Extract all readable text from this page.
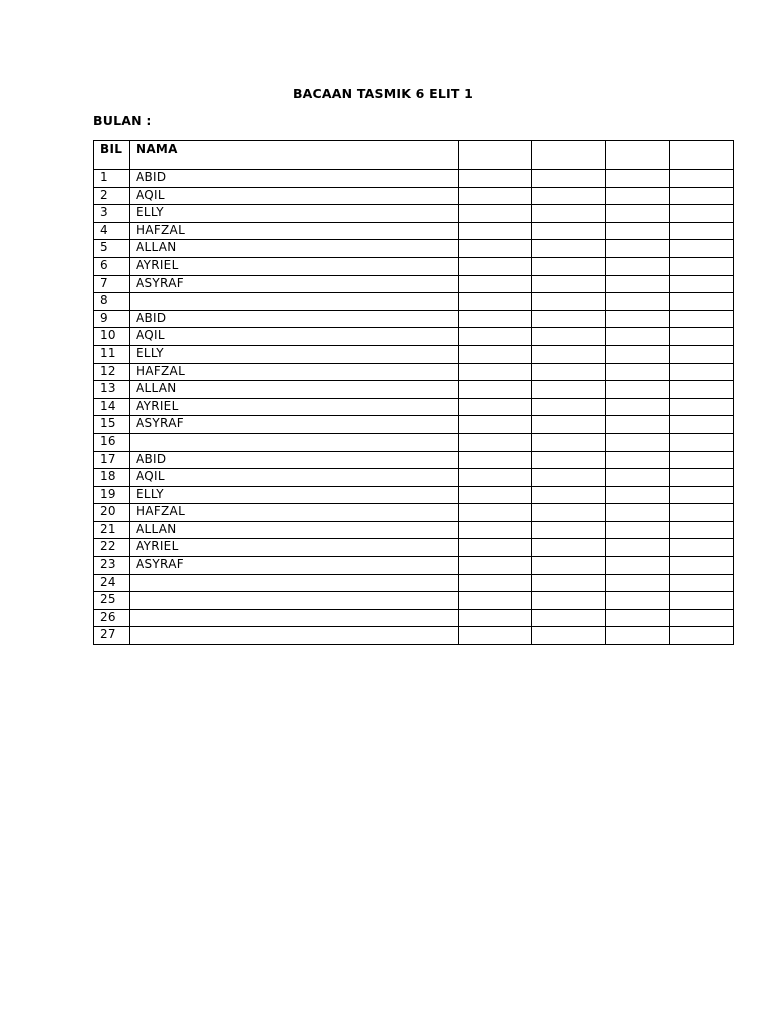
BACAAN TASMIK 6 ELIT 1
BULAN :
BIL	NAMA				
1	ABID				
2	AQIL				
3	ELLY				
4	HAFZAL				
5	ALLAN				
6	AYRIEL				
7	ASYRAF				
8					
9	ABID				
10	AQIL				
11	ELLY				
12	HAFZAL				
13	ALLAN				
14	AYRIEL				
15	ASYRAF				
16					
17	ABID				
18	AQIL				
19	ELLY				
20	HAFZAL				
21	ALLAN				
22	AYRIEL				
23	ASYRAF				
24					
25					
26					
27					
